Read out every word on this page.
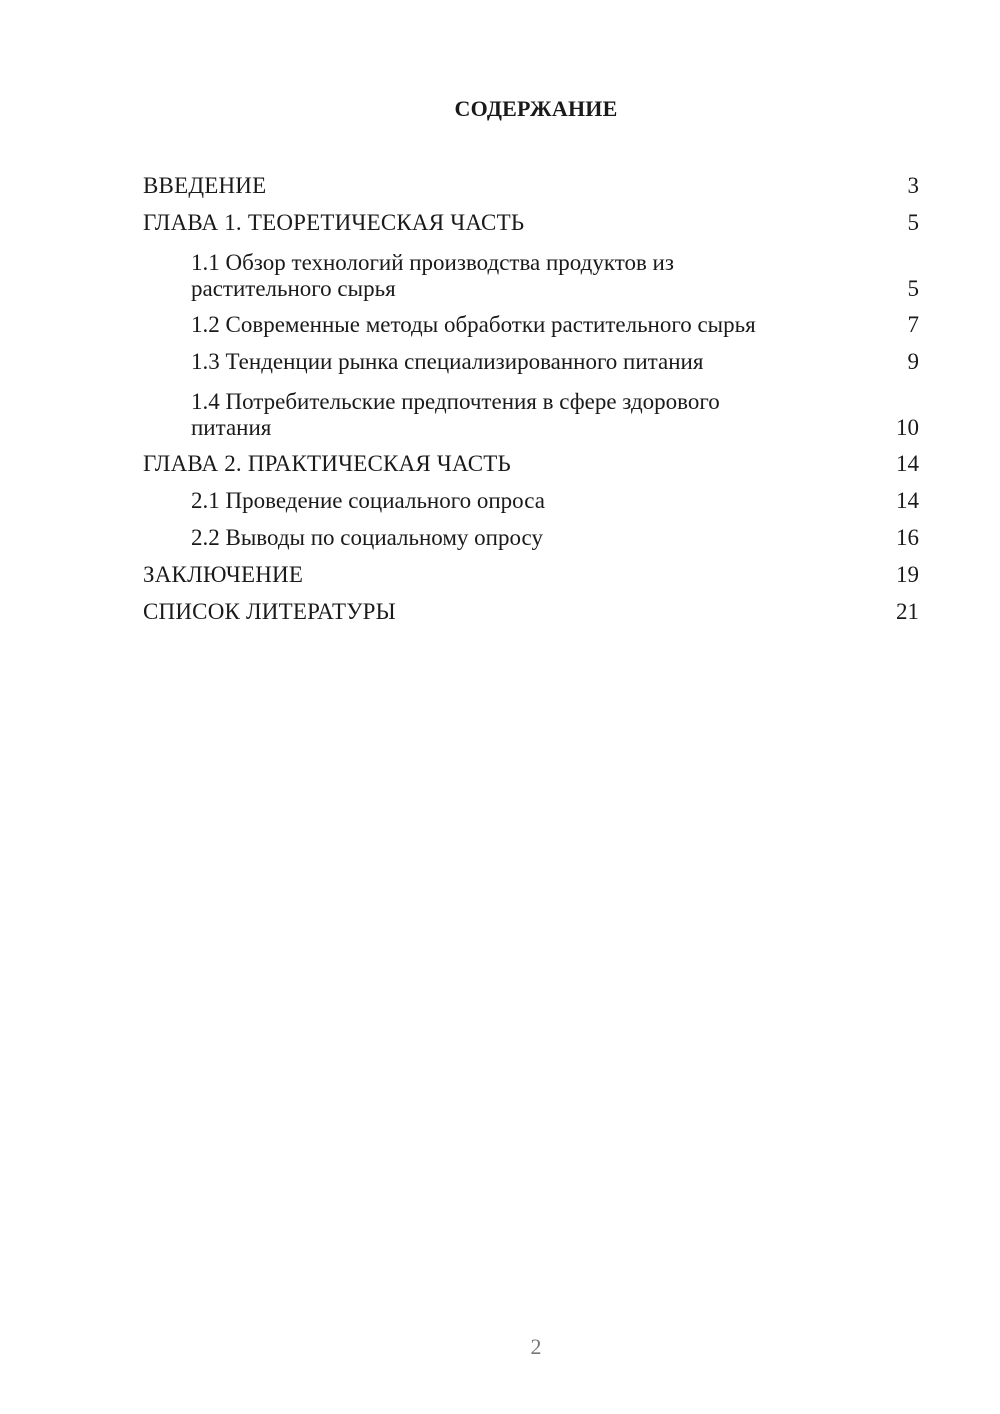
СОДЕРЖАНИЕ
ВВЕДЕНИЕ	3
ГЛАВА 1. ТЕОРЕТИЧЕСКАЯ ЧАСТЬ	5
1.1 Обзор технологий производства продуктов из
растительного сырья	5
1.2 Современные методы обработки растительного сырья	7
1.3 Тенденции рынка специализированного питания	9
1.4 Потребительские предпочтения в сфере здорового
питания	10
ГЛАВА 2. ПРАКТИЧЕСКАЯ ЧАСТЬ	14
2.1 Проведение социального опроса	14
2.2 Выводы по социальному опросу	16
ЗАКЛЮЧЕНИЕ	19
СПИСОК ЛИТЕРАТУРЫ	21
2
